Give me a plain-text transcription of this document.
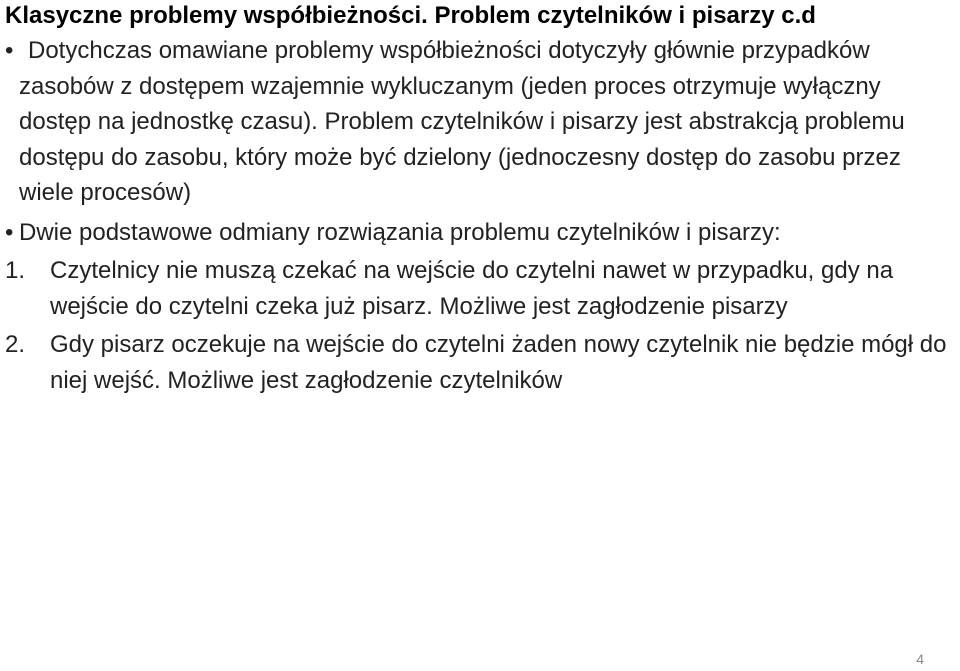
Klasyczne problemy współbieżności. Problem czytelników i pisarzy c.d
• Dotychczas omawiane problemy współbieżności dotyczyły głównie przypadków zasobów z dostępem wzajemnie wykluczanym (jeden proces otrzymuje wyłączny dostęp na jednostkę czasu). Problem czytelników i pisarzy jest abstrakcją problemu dostępu do zasobu, który może być dzielony (jednoczesny dostęp do zasobu przez wiele procesów)
• Dwie podstawowe odmiany rozwiązania problemu czytelników i pisarzy:
1. Czytelnicy nie muszą czekać na wejście do czytelni nawet w przypadku, gdy na wejście do czytelni czeka już pisarz. Możliwe jest zagłodzenie pisarzy
2. Gdy pisarz oczekuje na wejście do czytelni żaden nowy czytelnik nie będzie mógł do niej wejść. Możliwe jest zagłodzenie czytelników
4
